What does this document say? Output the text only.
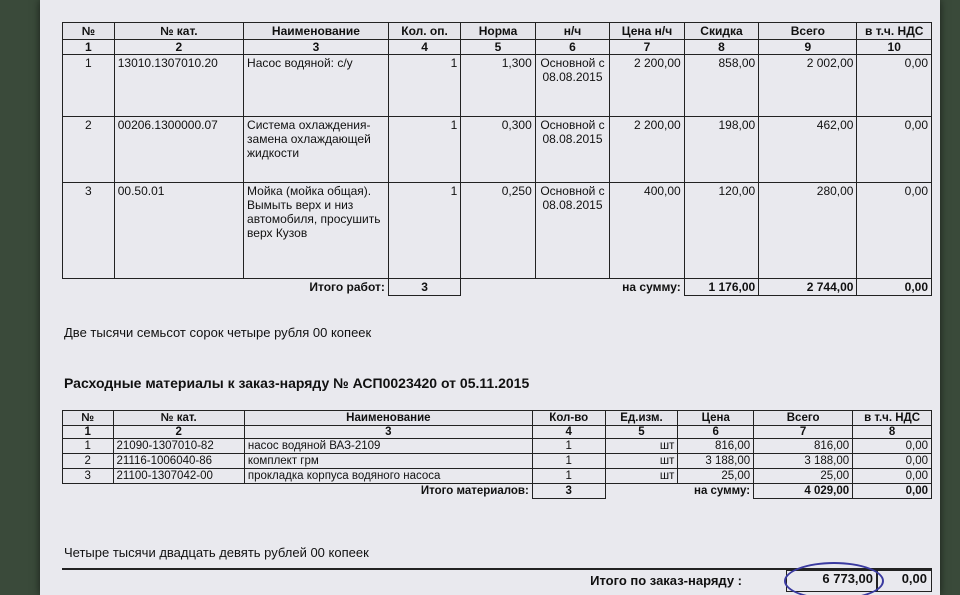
№	№ кат.	Наименование	Кол. оп.	Норма	н/ч	Цена н/ч	Скидка	Всего	в т.ч. НДС
1	2	3	4	5	6	7	8	9	10
1	13010.1307010.20	Насос водяной: с/у	1	1,300	Основной с 08.08.2015	2 200,00	858,00	2 002,00	0,00
2	00206.1300000.07	Система охлаждения-замена охлаждающей жидкости	1	0,300	Основной с 08.08.2015	2 200,00	198,00	462,00	0,00
3	00.50.01	Мойка (мойка общая). Вымыть верх и низ автомобиля, просушить верх Кузов	1	0,250	Основной с 08.08.2015	400,00	120,00	280,00	0,00
Итого работ:			3	на сумму:			1 176,00	2 744,00	0,00
Две тысячи семьсот сорок четыре рубля 00 копеек
Расходные материалы к заказ-наряду № АСП0023420 от 05.11.2015
№	№ кат.	Наименование	Кол-во	Ед.изм.	Цена	Всего	в т.ч. НДС
1	2	3	4	5	6	7	8
1	21090-1307010-82	насос водяной ВАЗ-2109	1	шт	816,00	816,00	0,00
2	21116-1006040-86	комплект грм	1	шт	3 188,00	3 188,00	0,00
3	21100-1307042-00	прокладка корпуса водяного насоса	1	шт	25,00	25,00	0,00
Итого материалов:			3	на сумму:		4 029,00	0,00
Четыре тысячи двадцать девять рублей 00 копеек
Итого по заказ-наряду :	6 773,00	0,00
